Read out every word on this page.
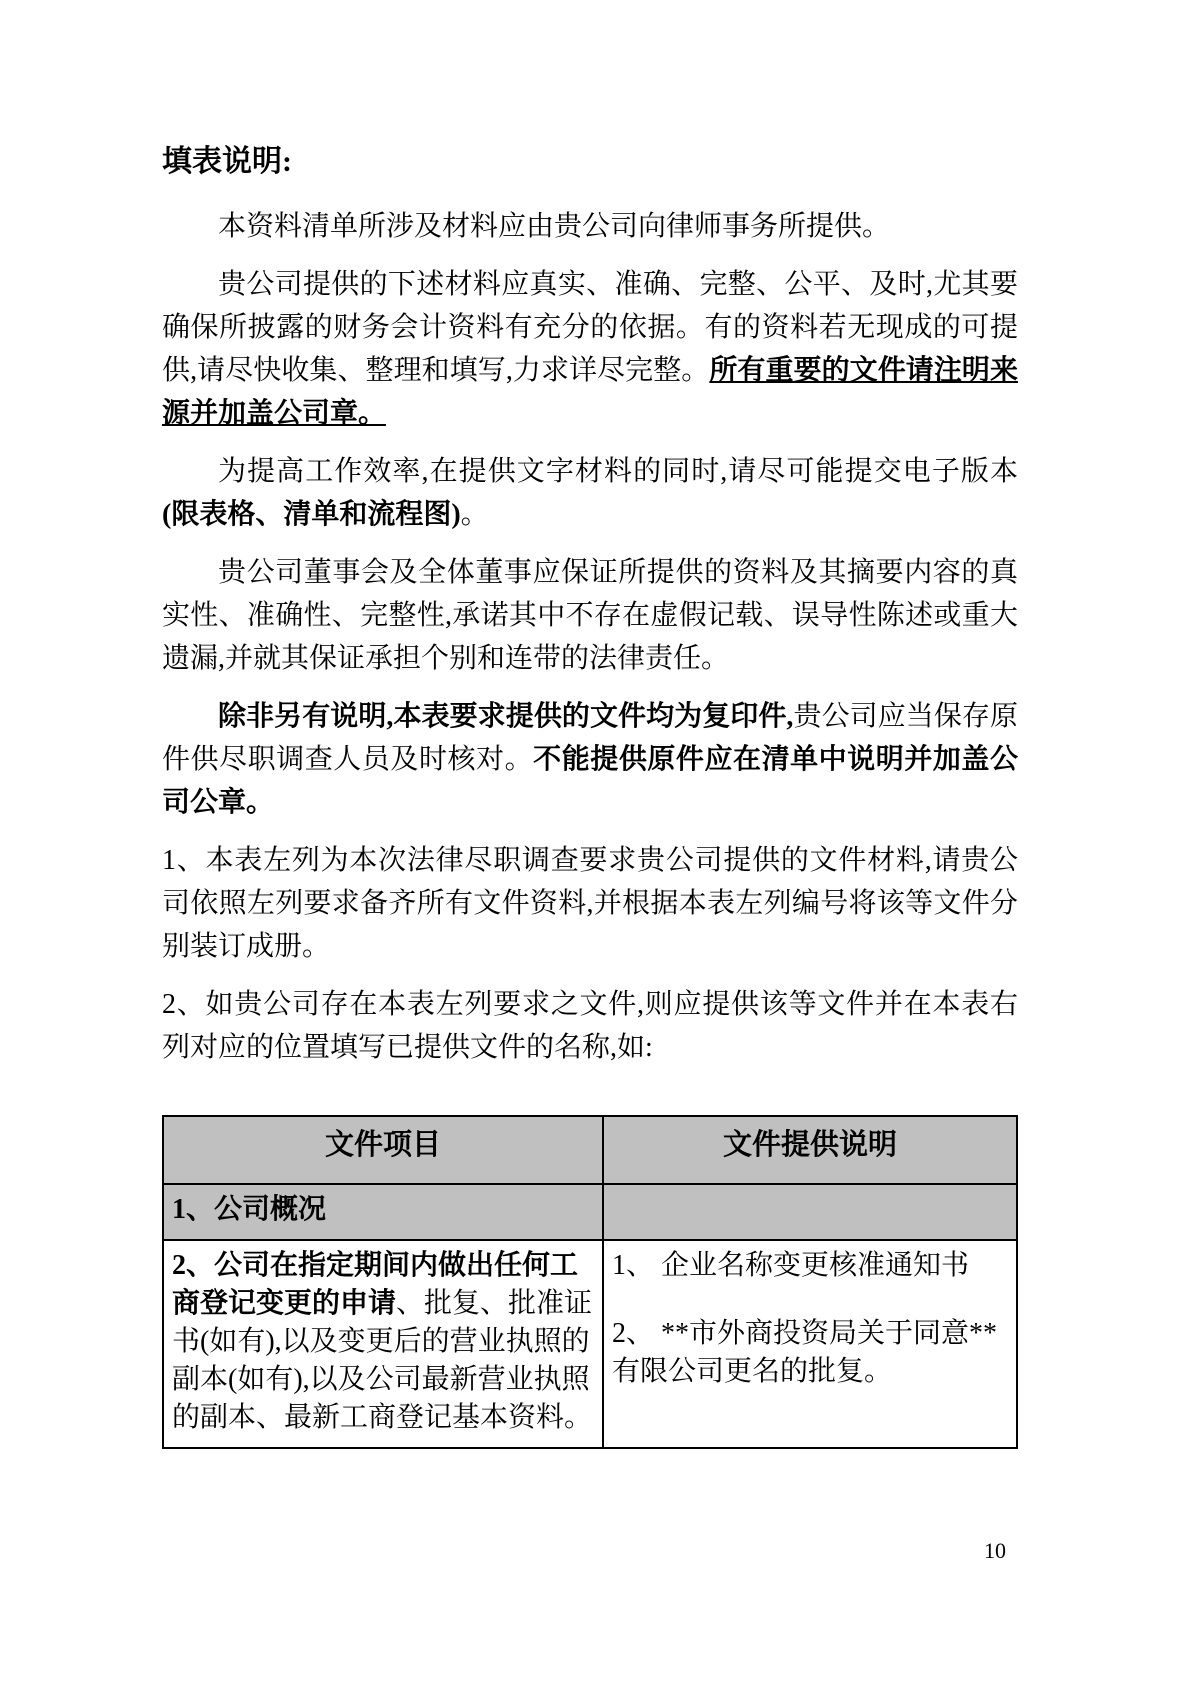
填表说明:

本资料清单所涉及材料应由贵公司向律师事务所提供。

贵公司提供的下述材料应真实、准确、完整、公平、及时,尤其要确保所披露的财务会计资料有充分的依据。有的资料若无现成的可提供,请尽快收集、整理和填写,力求详尽完整。所有重要的文件请注明来源并加盖公司章。

为提高工作效率,在提供文字材料的同时,请尽可能提交电子版本(限表格、清单和流程图)。

贵公司董事会及全体董事应保证所提供的资料及其摘要内容的真实性、准确性、完整性,承诺其中不存在虚假记载、误导性陈述或重大遗漏,并就其保证承担个别和连带的法律责任。

除非另有说明,本表要求提供的文件均为复印件,贵公司应当保存原件供尽职调查人员及时核对。不能提供原件应在清单中说明并加盖公司公章。

1、本表左列为本次法律尽职调查要求贵公司提供的文件材料,请贵公司依照左列要求备齐所有文件资料,并根据本表左列编号将该等文件分别装订成册。

2、如贵公司存在本表左列要求之文件,则应提供该等文件并在本表右列对应的位置填写已提供文件的名称,如:

文件项目	文件提供说明
1、公司概况	
2、公司在指定期间内做出任何工商登记变更的申请、批复、批准证书(如有),以及变更后的营业执照的副本(如有),以及公司最新营业执照的副本、最新工商登记基本资料。	1、 企业名称变更核准通知书

2、 **市外商投资局关于同意**有限公司更名的批复。

10
